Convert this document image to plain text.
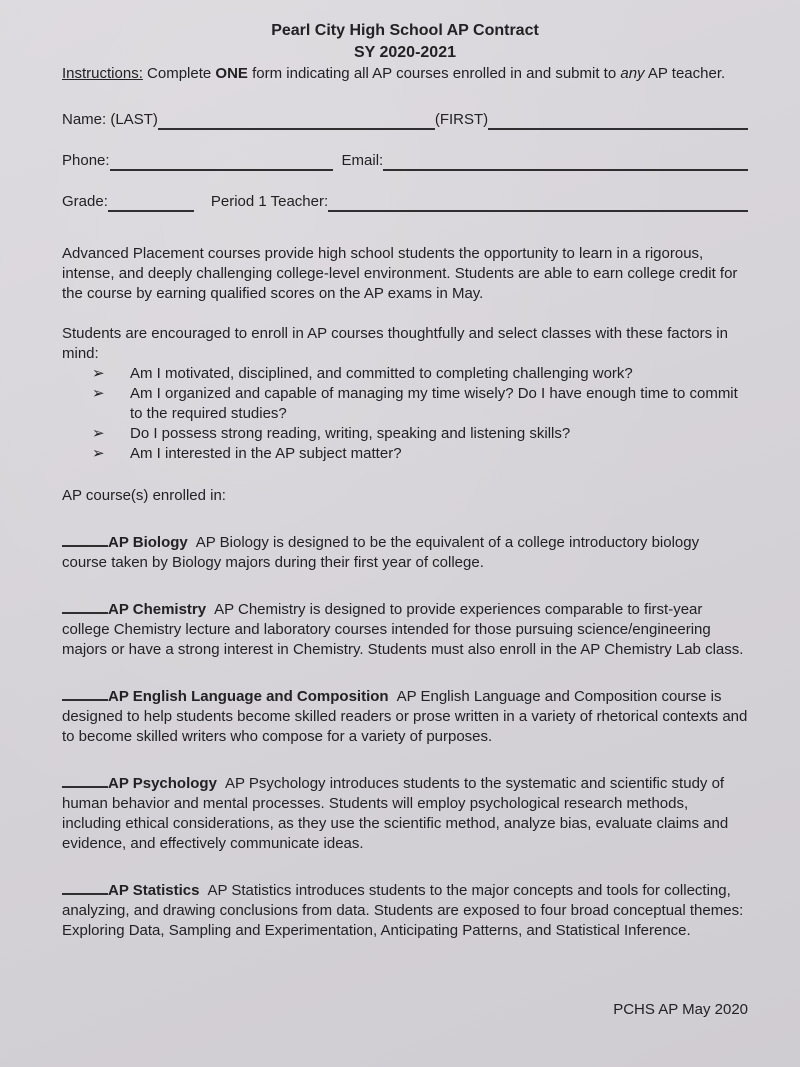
Pearl City High School AP Contract
SY 2020-2021

Instructions: Complete ONE form indicating all AP courses enrolled in and submit to any AP teacher.

Name: (LAST)	(FIRST)
Phone:	Email:
Grade:	Period 1 Teacher:

Advanced Placement courses provide high school students the opportunity to learn in a rigorous, intense, and deeply challenging college-level environment. Students are able to earn college credit for the course by earning qualified scores on the AP exams in May.

Students are encouraged to enroll in AP courses thoughtfully and select classes with these factors in mind:

➢	Am I motivated, disciplined, and committed to completing challenging work?
➢	Am I organized and capable of managing my time wisely? Do I have enough time to commit to the required studies?
➢	Do I possess strong reading, writing, speaking and listening skills?
➢	Am I interested in the AP subject matter?

AP course(s) enrolled in:

AP Biology AP Biology is designed to be the equivalent of a college introductory biology course taken by Biology majors during their first year of college.

AP Chemistry AP Chemistry is designed to provide experiences comparable to first-year college Chemistry lecture and laboratory courses intended for those pursuing science/engineering majors or have a strong interest in Chemistry. Students must also enroll in the AP Chemistry Lab class.

AP English Language and Composition AP English Language and Composition course is designed to help students become skilled readers or prose written in a variety of rhetorical contexts and to become skilled writers who compose for a variety of purposes.

AP Psychology AP Psychology introduces students to the systematic and scientific study of human behavior and mental processes. Students will employ psychological research methods, including ethical considerations, as they use the scientific method, analyze bias, evaluate claims and evidence, and effectively communicate ideas.

AP Statistics AP Statistics introduces students to the major concepts and tools for collecting, analyzing, and drawing conclusions from data. Students are exposed to four broad conceptual themes: Exploring Data, Sampling and Experimentation, Anticipating Patterns, and Statistical Inference.

PCHS AP May 2020
